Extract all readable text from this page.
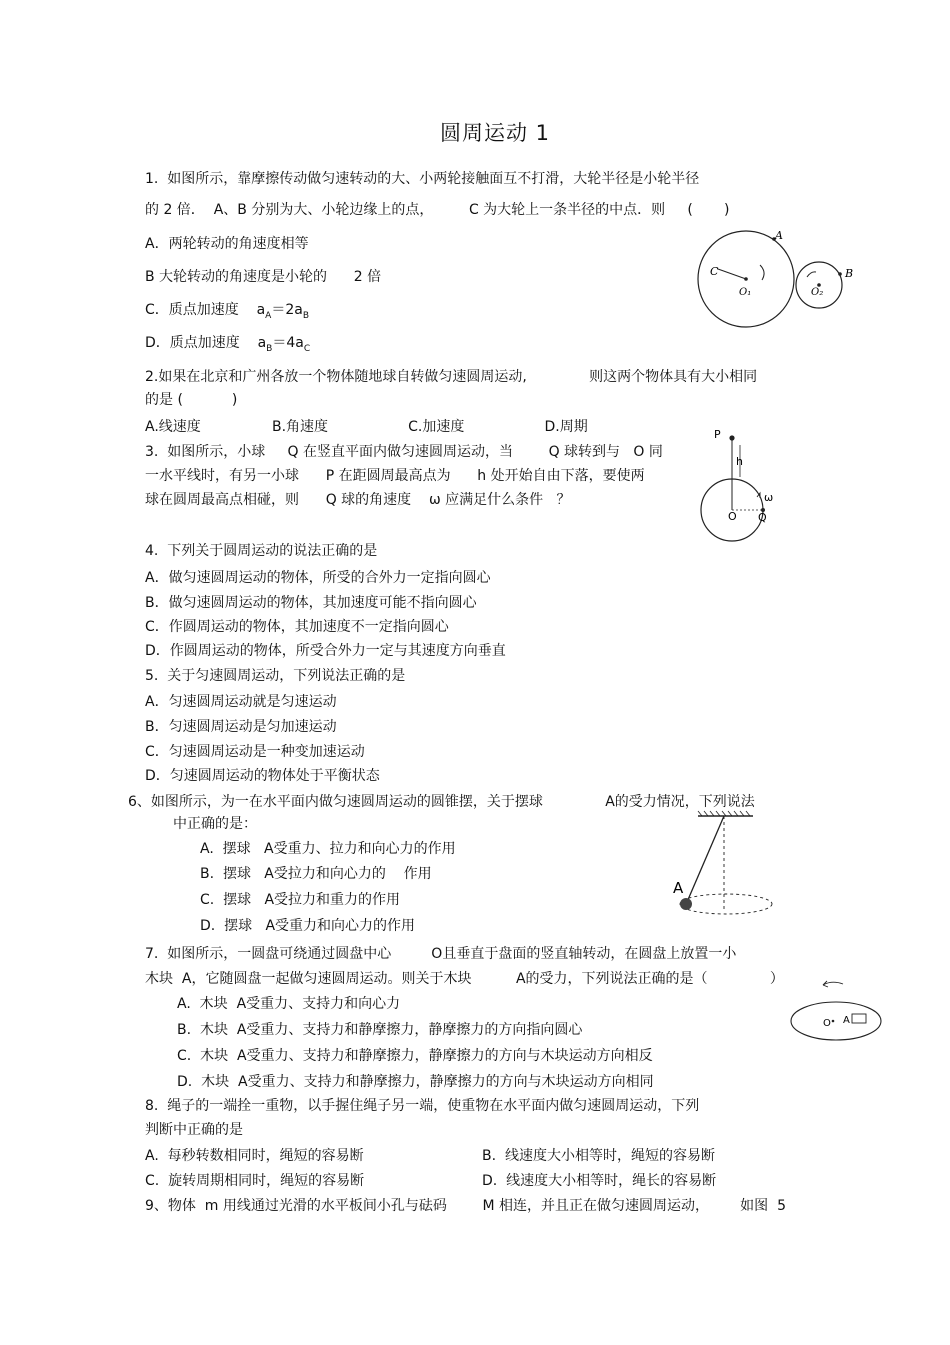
圆周运动 1
1.  如图所示，靠摩擦传动做匀速转动的大、小两轮接触面互不打滑，大轮半径是小轮半径
的 2 倍．  A、B 分别为大、小轮边缘上的点，        C 为大轮上一条半径的中点．则     (       )
A．两轮转动的角速度相等
B 大轮转动的角速度是小轮的      2 倍
C．质点加速度    $a_A=2a_B$
D．质点加速度    $a_B=4a_C$
A
B
C
O₁	O₂
2.如果在北京和广州各放一个物体随地球自转做匀速圆周运动,              则这两个物体具有大小相同
的是 (           )
A.线速度                B.角速度                  C.加速度                  D.周期
3.  如图所示，小球     Q 在竖直平面内做匀速圆周运动，当        Q 球转到与   O 同
一水平线时，有另一小球      P 在距圆周最高点为      h 处开始自由下落，要使两
球在圆周最高点相碰，则      Q 球的角速度    ω 应满足什么条件   ？
P
h
O Q
ω
4.  下列关于圆周运动的说法正确的是
A．做匀速圆周运动的物体，所受的合外力一定指向圆心
B．做匀速圆周运动的物体，其加速度可能不指向圆心
C．作圆周运动的物体，其加速度不一定指向圆心
D．作圆周运动的物体，所受合外力一定与其速度方向垂直
5.  关于匀速圆周运动，下列说法正确的是
A．匀速圆周运动就是匀速运动
B．匀速圆周运动是匀加速运动
C．匀速圆周运动是一种变加速运动
D．匀速圆周运动的物体处于平衡状态
6、如图所示，为一在水平面内做匀速圆周运动的圆锥摆，关于摆球              A的受力情况，下列说法
中正确的是：
A.  摆球   A受重力、拉力和向心力的作用
B.  摆球   A受拉力和向心力的    作用
C.  摆球   A受拉力和重力的作用
D.  摆球   A受重力和向心力的作用
A
7.  如图所示，一圆盘可绕通过圆盘中心         O且垂直于盘面的竖直轴转动，在圆盘上放置一小
木块  A，它随圆盘一起做匀速圆周运动。则关于木块          A的受力，下列说法正确的是（              ）
A.  木块  A受重力、支持力和向心力
B.  木块  A受重力、支持力和静摩擦力，静摩擦力的方向指向圆心
C.  木块  A受重力、支持力和静摩擦力，静摩擦力的方向与木块运动方向相反
D.  木块  A受重力、支持力和静摩擦力，静摩擦力的方向与木块运动方向相同
O A
8.  绳子的一端拴一重物，以手握住绳子另一端，使重物在水平面内做匀速圆周运动，下列
判断中正确的是
A.  每秒转数相同时，绳短的容易断	B.  线速度大小相等时，绳短的容易断
C.  旋转周期相同时，绳短的容易断	D.  线速度大小相等时，绳长的容易断
9、物体  m 用线通过光滑的水平板间小孔与砝码        M 相连，并且正在做匀速圆周运动，       如图  5
